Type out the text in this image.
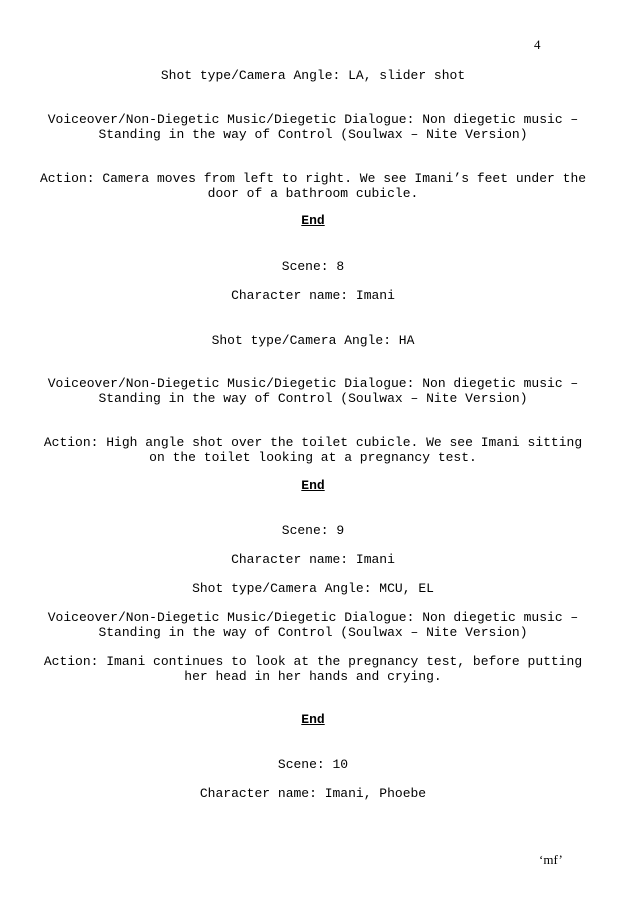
4
Shot type/Camera Angle: LA, slider shot
Voiceover/Non-Diegetic Music/Diegetic Dialogue: Non diegetic music –
Standing in the way of Control (Soulwax – Nite Version)
Action: Camera moves from left to right. We see Imani’s feet under the
door of a bathroom cubicle.
End
Scene: 8
Character name: Imani
Shot type/Camera Angle: HA
Voiceover/Non-Diegetic Music/Diegetic Dialogue: Non diegetic music –
Standing in the way of Control (Soulwax – Nite Version)
Action: High angle shot over the toilet cubicle. We see Imani sitting
on the toilet looking at a pregnancy test.
End
Scene: 9
Character name: Imani
Shot type/Camera Angle: MCU, EL
Voiceover/Non-Diegetic Music/Diegetic Dialogue: Non diegetic music –
Standing in the way of Control (Soulwax – Nite Version)
Action: Imani continues to look at the pregnancy test, before putting
her head in her hands and crying.
End
Scene: 10
Character name: Imani, Phoebe
‘mf’
